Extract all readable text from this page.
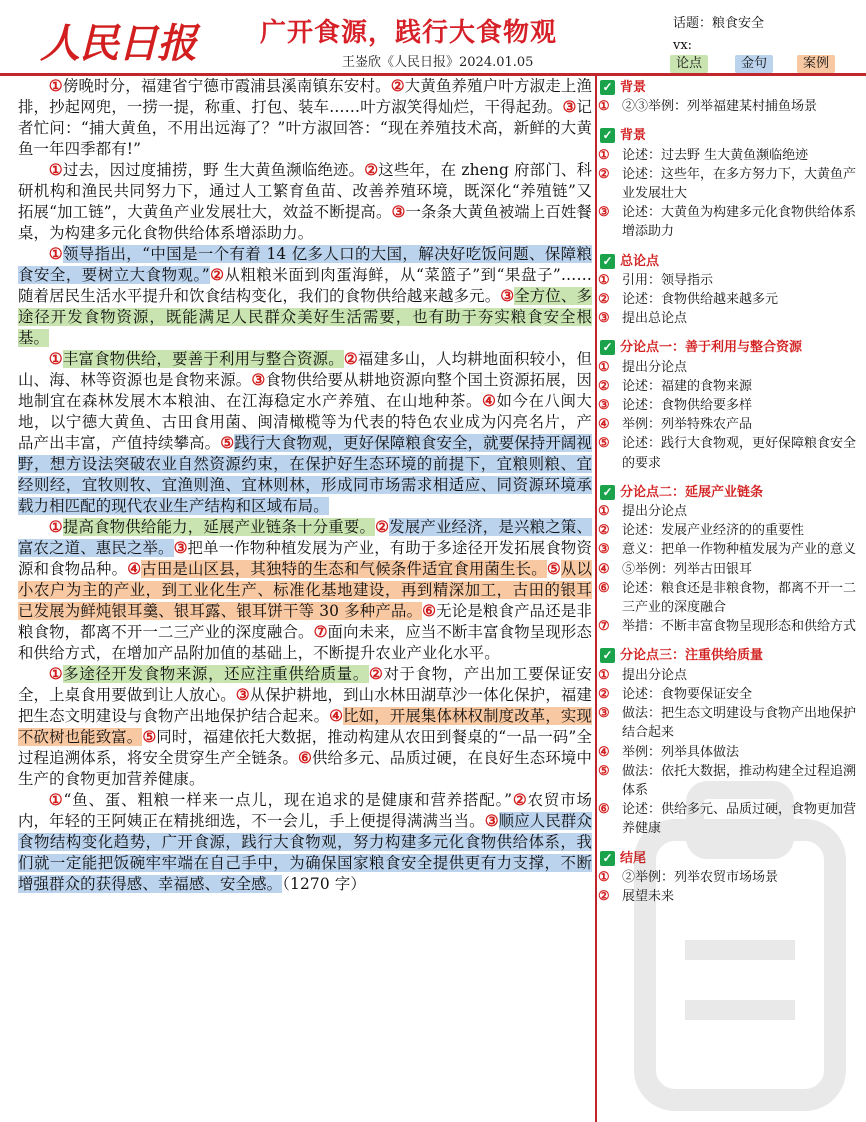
人民日报 广开食源，践行大食物观
王崟欣《人民日报》2024.01.05
话题：粮食安全
vx:
论点	金句	案例

①傍晚时分，福建省宁德市霞浦县溪南镇东安村。②大黄鱼养殖户叶方淑走上渔排，抄起网兜，一捞一提，称重、打包、装车……叶方淑笑得灿烂，干得起劲。③记者忙问：“捕大黄鱼，不用出远海了？”叶方淑回答：“现在养殖技术高，新鲜的大黄鱼一年四季都有!”

①过去，因过度捕捞，野 生大黄鱼濒临绝迹。②这些年，在 zheng 府部门、科研机构和渔民共同努力下，通过人工繁育鱼苗、改善养殖环境，既深化“养殖链”又拓展“加工链”，大黄鱼产业发展壮大，效益不断提高。③一条条大黄鱼被端上百姓餐桌，为构建多元化食物供给体系增添助力。

①领导指出，“中国是一个有着 14 亿多人口的大国，解决好吃饭问题、保障粮食安全，要树立大食物观。”②从粗粮米面到肉蛋海鲜，从“菜篮子”到“果盘子”……随着居民生活水平提升和饮食结构变化，我们的食物供给越来越多元。③全方位、多途径开发食物资源，既能满足人民群众美好生活需要，也有助于夯实粮食安全根基。

①丰富食物供给，要善于利用与整合资源。②福建多山，人均耕地面积较小，但山、海、林等资源也是食物来源。③食物供给要从耕地资源向整个国土资源拓展，因地制宜在森林发展木本粮油、在江海稳定水产养殖、在山地种茶。④如今在八闽大地，以宁德大黄鱼、古田食用菌、闽清橄榄等为代表的特色农业成为闪亮名片，产品产出丰富，产值持续攀高。⑤践行大食物观，更好保障粮食安全，就要保持开阔视野，想方设法突破农业自然资源约束，在保护好生态环境的前提下，宜粮则粮、宜经则经，宜牧则牧、宜渔则渔、宜林则林，形成同市场需求相适应、同资源环境承载力相匹配的现代农业生产结构和区域布局。

①提高食物供给能力，延展产业链条十分重要。②发展产业经济，是兴粮之策、富农之道、惠民之举。③把单一作物种植发展为产业，有助于多途径开发拓展食物资源和食物品种。④古田是山区县，其独特的生态和气候条件适宜食用菌生长。⑤从以小农户为主的产业，到工业化生产、标准化基地建设，再到精深加工，古田的银耳已发展为鲜炖银耳羹、银耳露、银耳饼干等 30 多种产品。⑥无论是粮食产品还是非粮食物，都离不开一二三产业的深度融合。⑦面向未来，应当不断丰富食物呈现形态和供给方式，在增加产品附加值的基础上，不断提升农业产业化水平。

①多途径开发食物来源，还应注重供给质量。②对于食物，产出加工要保证安全，上桌食用要做到让人放心。③从保护耕地，到山水林田湖草沙一体化保护，福建把生态文明建设与食物产出地保护结合起来。④比如，开展集体林权制度改革，实现不砍树也能致富。⑤同时，福建依托大数据，推动构建从农田到餐桌的“一品一码”全过程追溯体系，将安全贯穿生产全链条。⑥供给多元、品质过硬，在良好生态环境中生产的食物更加营养健康。

①“鱼、蛋、粗粮一样来一点儿，现在追求的是健康和营养搭配。”②农贸市场内，年轻的王阿姨正在精挑细选，不一会儿，手上便提得满满当当。③顺应人民群众食物结构变化趋势，广开食源，践行大食物观，努力构建多元化食物供给体系，我们就一定能把饭碗牢牢端在自己手中，为确保国家粮食安全提供更有力支撑，不断增强群众的获得感、幸福感、安全感。（1270 字）

✓ 背景
① ②③举例：列举福建某村捕鱼场景
✓ 背景
① 论述：过去野 生大黄鱼濒临绝迹
② 论述：这些年，在多方努力下，大黄鱼产业发展壮大
③ 论述：大黄鱼为构建多元化食物供给体系增添助力
✓ 总论点
① 引用：领导指示
② 论述：食物供给越来越多元
③ 提出总论点
✓ 分论点一：善于利用与整合资源
① 提出分论点
② 论述：福建的食物来源
③ 论述：食物供给要多样
④ 举例：列举特殊农产品
⑤ 论述：践行大食物观，更好保障粮食安全的要求
✓ 分论点二：延展产业链条
① 提出分论点
② 论述：发展产业经济的的重要性
③ 意义：把单一作物种植发展为产业的意义
④ ⑤举例：列举古田银耳
⑥ 论述：粮食还是非粮食物，都离不开一二三产业的深度融合
⑦ 举措：不断丰富食物呈现形态和供给方式
✓ 分论点三：注重供给质量
① 提出分论点
② 论述：食物要保证安全
③ 做法：把生态文明建设与食物产出地保护结合起来
④ 举例：列举具体做法
⑤ 做法：依托大数据，推动构建全过程追溯体系
⑥ 论述：供给多元、品质过硬，食物更加营养健康
✓ 结尾
① ②举例：列举农贸市场场景
② 展望未来
